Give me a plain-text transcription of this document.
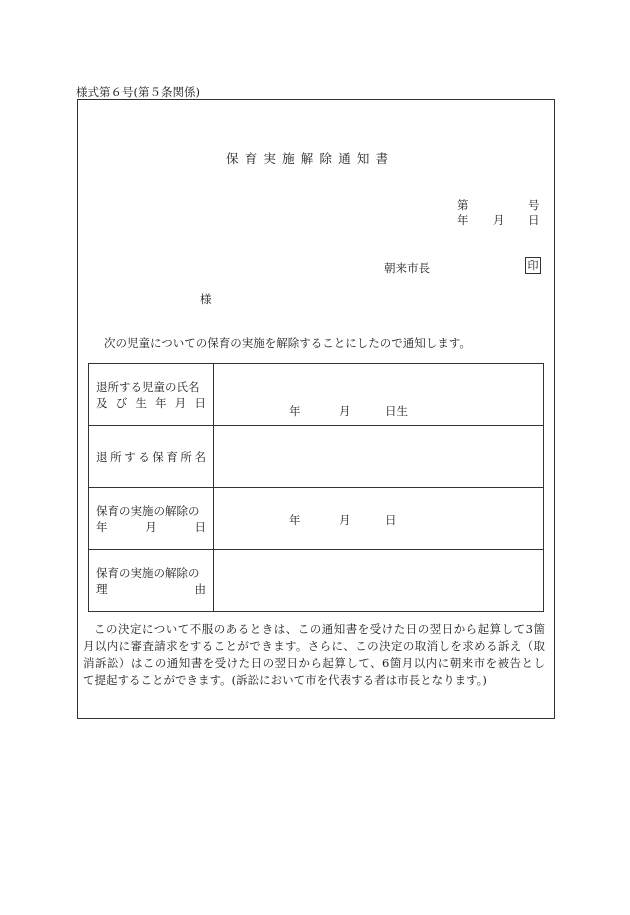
様式第６号(第５条関係)
保育実施解除通知書
第	号
年 月 日
朝来市長	印
様
次の児童についての保育の実施を解除することにしたので通知します。
退所する児童の氏名
及び生年月日	年 月 日生

退所する保育所名	

保育の実施の解除の
年月日	年 月 日

保育の実施の解除の
理由	

この決定について不服のあるときは、この通知書を受けた日の翌日から起算して3箇
月以内に審査請求をすることができます。さらに、この決定の取消しを求める訴え（取
消訴訟）はこの通知書を受けた日の翌日から起算して、6箇月以内に朝来市を被告とし
て提起することができます。(訴訟において市を代表する者は市長となります。)
